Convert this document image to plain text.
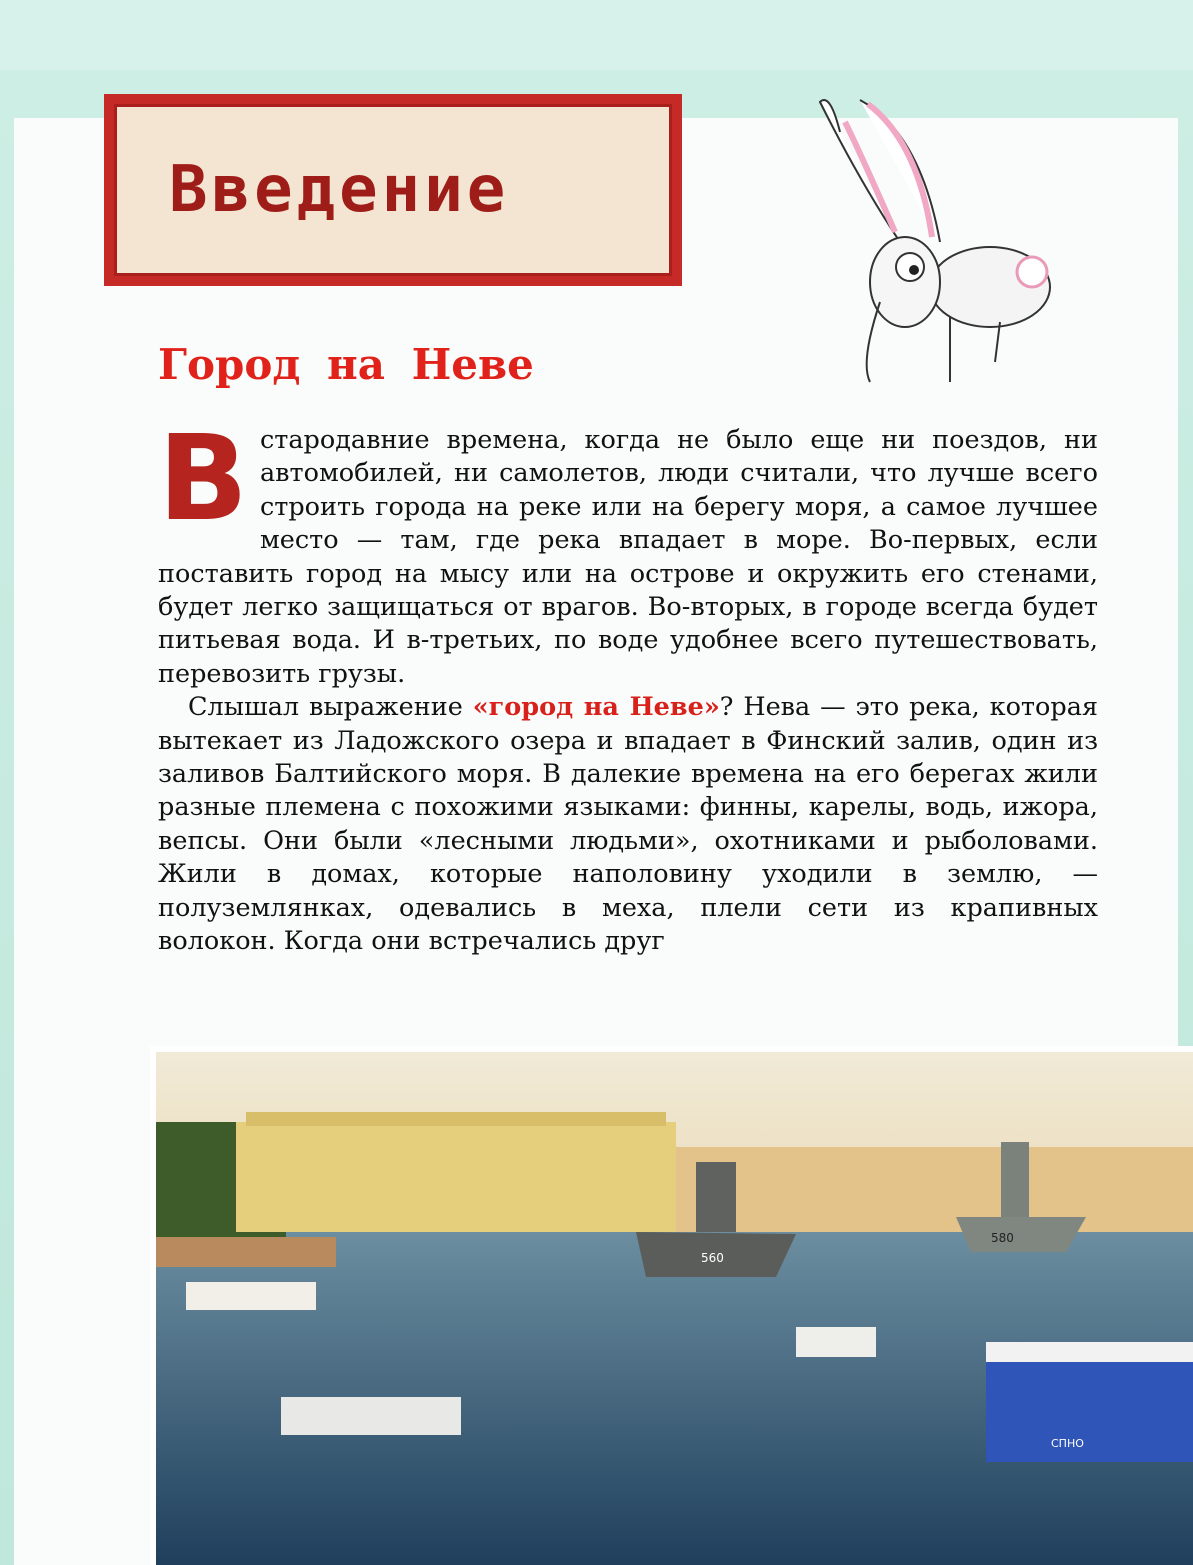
Введение
Город на Неве

Встародавние времена, когда не было еще ни поездов, ни автомобилей, ни самолетов, люди считали, что лучше всего строить города на реке или на берегу моря, а самое лучшее место — там, где река впадает в море. Во-первых, если поставить город на мысу или на острове и окружить его стенами, будет легко защищаться от врагов. Во-вторых, в городе всегда будет питьевая вода. И в-третьих, по воде удобнее всего путешествовать, перевозить грузы.

Слышал выражение «город на Неве»? Нева — это река, которая вытекает из Ладожского озера и впадает в Финский залив, один из заливов Балтийского моря. В далекие времена на его берегах жили разные племена с похожими языками: финны, карелы, водь, ижора, вепсы. Они были «лесными людьми», охотниками и рыболовами. Жили в домах, которые наполовину уходили в землю, — полуземлянках, одевались в меха, плели сети из крапивных волокон. Когда они встречались друг

560
580
СПНО
